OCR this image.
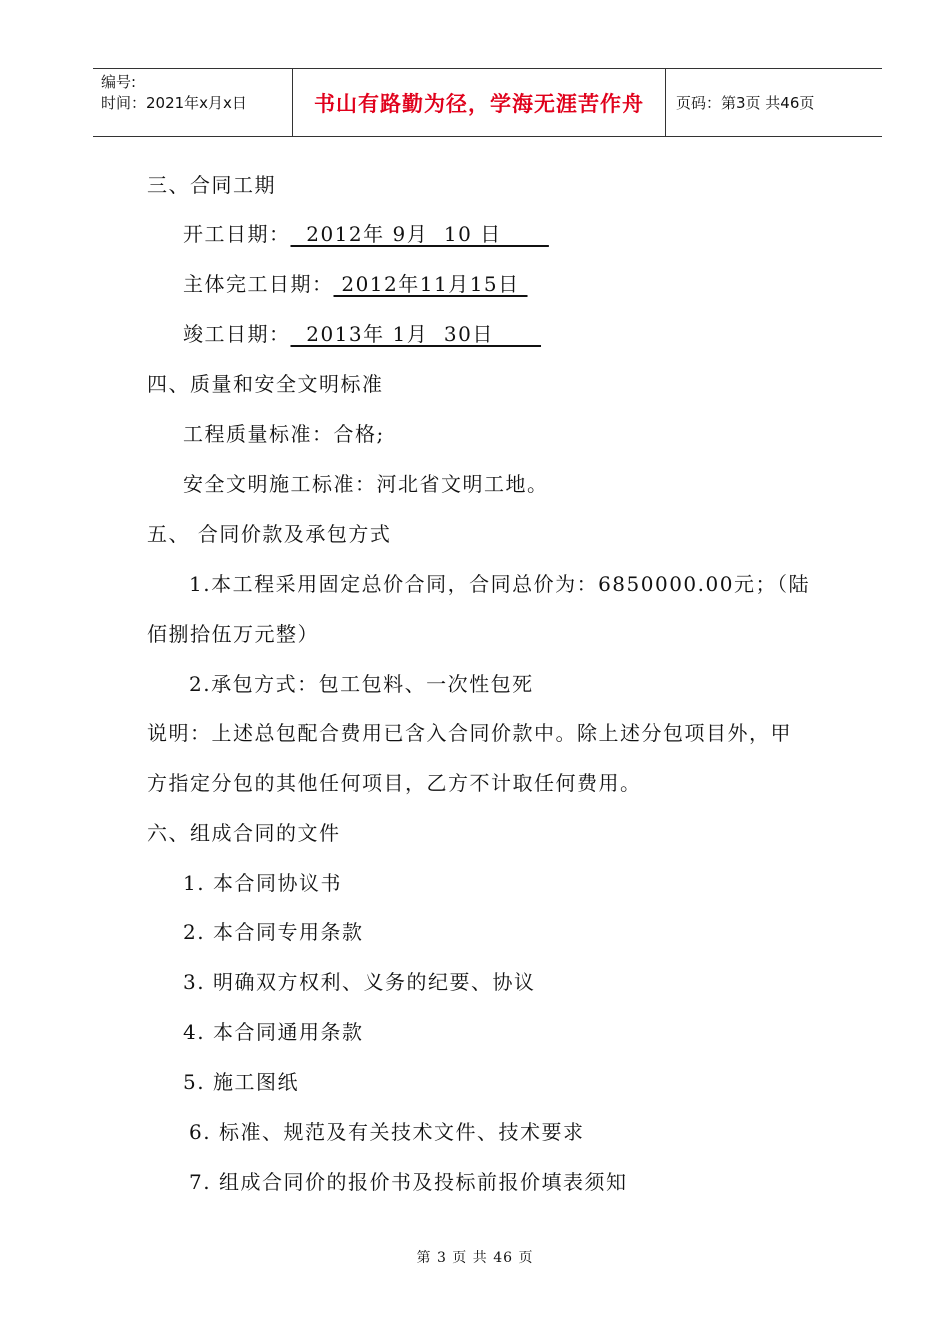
编号:
时间：2021年x月x日	书山有路勤为径，学海无涯苦作舟	页码：第3页 共46页
三、合同工期
开工日期：  2012年 9月  10 日
主体完工日期： 2012年11月15日
竣工日期：  2013年 1月  30日
四、质量和安全文明标准
工程质量标准：合格;
安全文明施工标准：河北省文明工地。
五、 合同价款及承包方式
1.本工程采用固定总价合同，合同总价为：6850000.00元；（陆
佰捌拾伍万元整）
2.承包方式：包工包料、一次性包死
说明：上述总包配合费用已含入合同价款中。除上述分包项目外，甲
方指定分包的其他任何项目，乙方不计取任何费用。
六、组成合同的文件
1. 本合同协议书
2. 本合同专用条款
3. 明确双方权利、义务的纪要、协议
4. 本合同通用条款
5. 施工图纸
6. 标准、规范及有关技术文件、技术要求
7. 组成合同价的报价书及投标前报价填表须知
第 3 页 共 46 页
